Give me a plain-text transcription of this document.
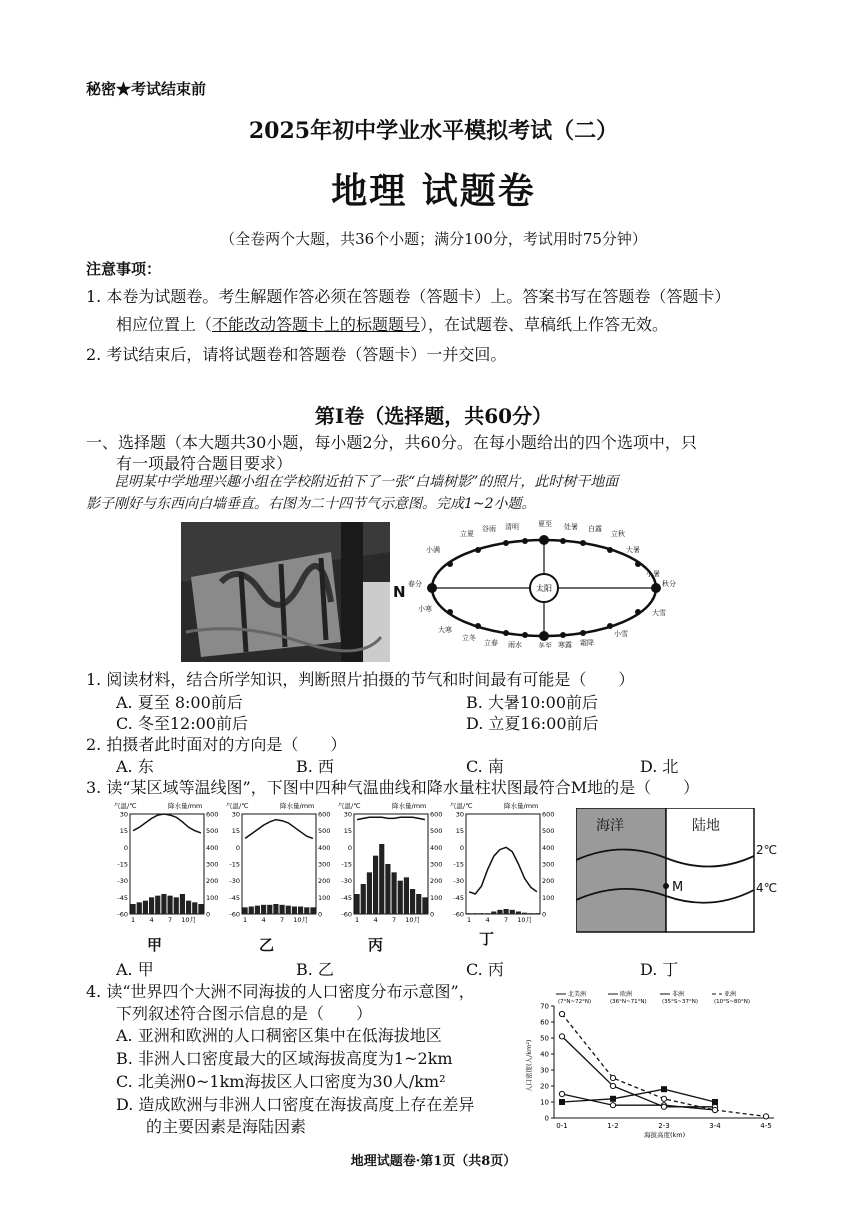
秘密★考试结束前
2025年初中学业水平模拟考试（二）
地理 试题卷
（全卷两个大题，共36个小题；满分100分，考试用时75分钟）
注意事项：
1. 本卷为试题卷。考生解题作答必须在答题卷（答题卡）上。答案书写在答题卷（答题卡）
相应位置上（不能改动答题卡上的标题题号），在试题卷、草稿纸上作答无效。
2. 考试结束后，请将试题卷和答题卷（答题卡）一并交回。
第Ⅰ卷（选择题，共60分）
一、选择题（本大题共30小题，每小题2分，共60分。在每小题给出的四个选项中，只
有一项最符合题目要求）
昆明某中学地理兴趣小组在学校附近拍下了一张“白墙树影”的照片，此时树干地面
影子刚好与东西向白墙垂直。右图为二十四节气示意图。完成1~2小题。
N	太阳
立夏
谷雨 清明	夏至 处暑 白露
立秋
小满	大暑
春分	秋分
小寒
小暑
大雪
大寒	小雪
立冬
立春 雨水 冬至 寒露 霜降
1. 阅读材料，结合所学知识，判断照片拍摄的节气和时间最有可能是（　　）
A. 夏至 8:00前后	B. 大暑10:00前后
C. 冬至12:00前后	D. 立夏16:00前后
2. 拍摄者此时面对的方向是（　　）
A. 东	B. 西	C. 南	D. 北
3. 读“某区域等温线图”，下图中四种气温曲线和降水量柱状图最符合M地的是（　　）
气温/℃	降水量/mm
30	600
15	500
0	400
-15	300
-30	200
-45	100
-60	0
1 4 7 10月
气温/℃	降水量/mm
30	600
15	500
0	400
-15	300
-30	200
-45	100
-60	0
1 4 7 10月
气温/℃	降水量/mm
30	600
15	500
0	400
-15	300
-30	200
-45	100
-60	0
1 4 7 10月
气温/℃	降水量/mm
30	600
15	500
0	400
-15	300
-30	200
-45	100
-60	0
1 4 7 10月
甲	乙	丙	丁
海洋	陆地
M
2℃
4℃
A. 甲	B. 乙	C. 丙	D. 丁
4. 读“世界四个大洲不同海拔的人口密度分布示意图”，
下列叙述符合图示信息的是（　　）
A. 亚洲和欧洲的人口稠密区集中在低海拔地区
B. 非洲人口密度最大的区域海拔高度为1~2km
C. 北美洲0~1km海拔区人口密度为30人/km²
D. 造成欧洲与非洲人口密度在海拔高度上存在差异
的主要因素是海陆因素
北美洲
(7°N~72°N)
欧洲
(36°N~71°N)
非洲
(35°S~37°N)
亚洲
(10°S~80°N)
0
10
20
30
40
50
60
70
0-1	1-2	2-3	3-4	4-5
海拔高度(km)
人口密度(人/km²)
地理试题卷·第1页（共8页）
